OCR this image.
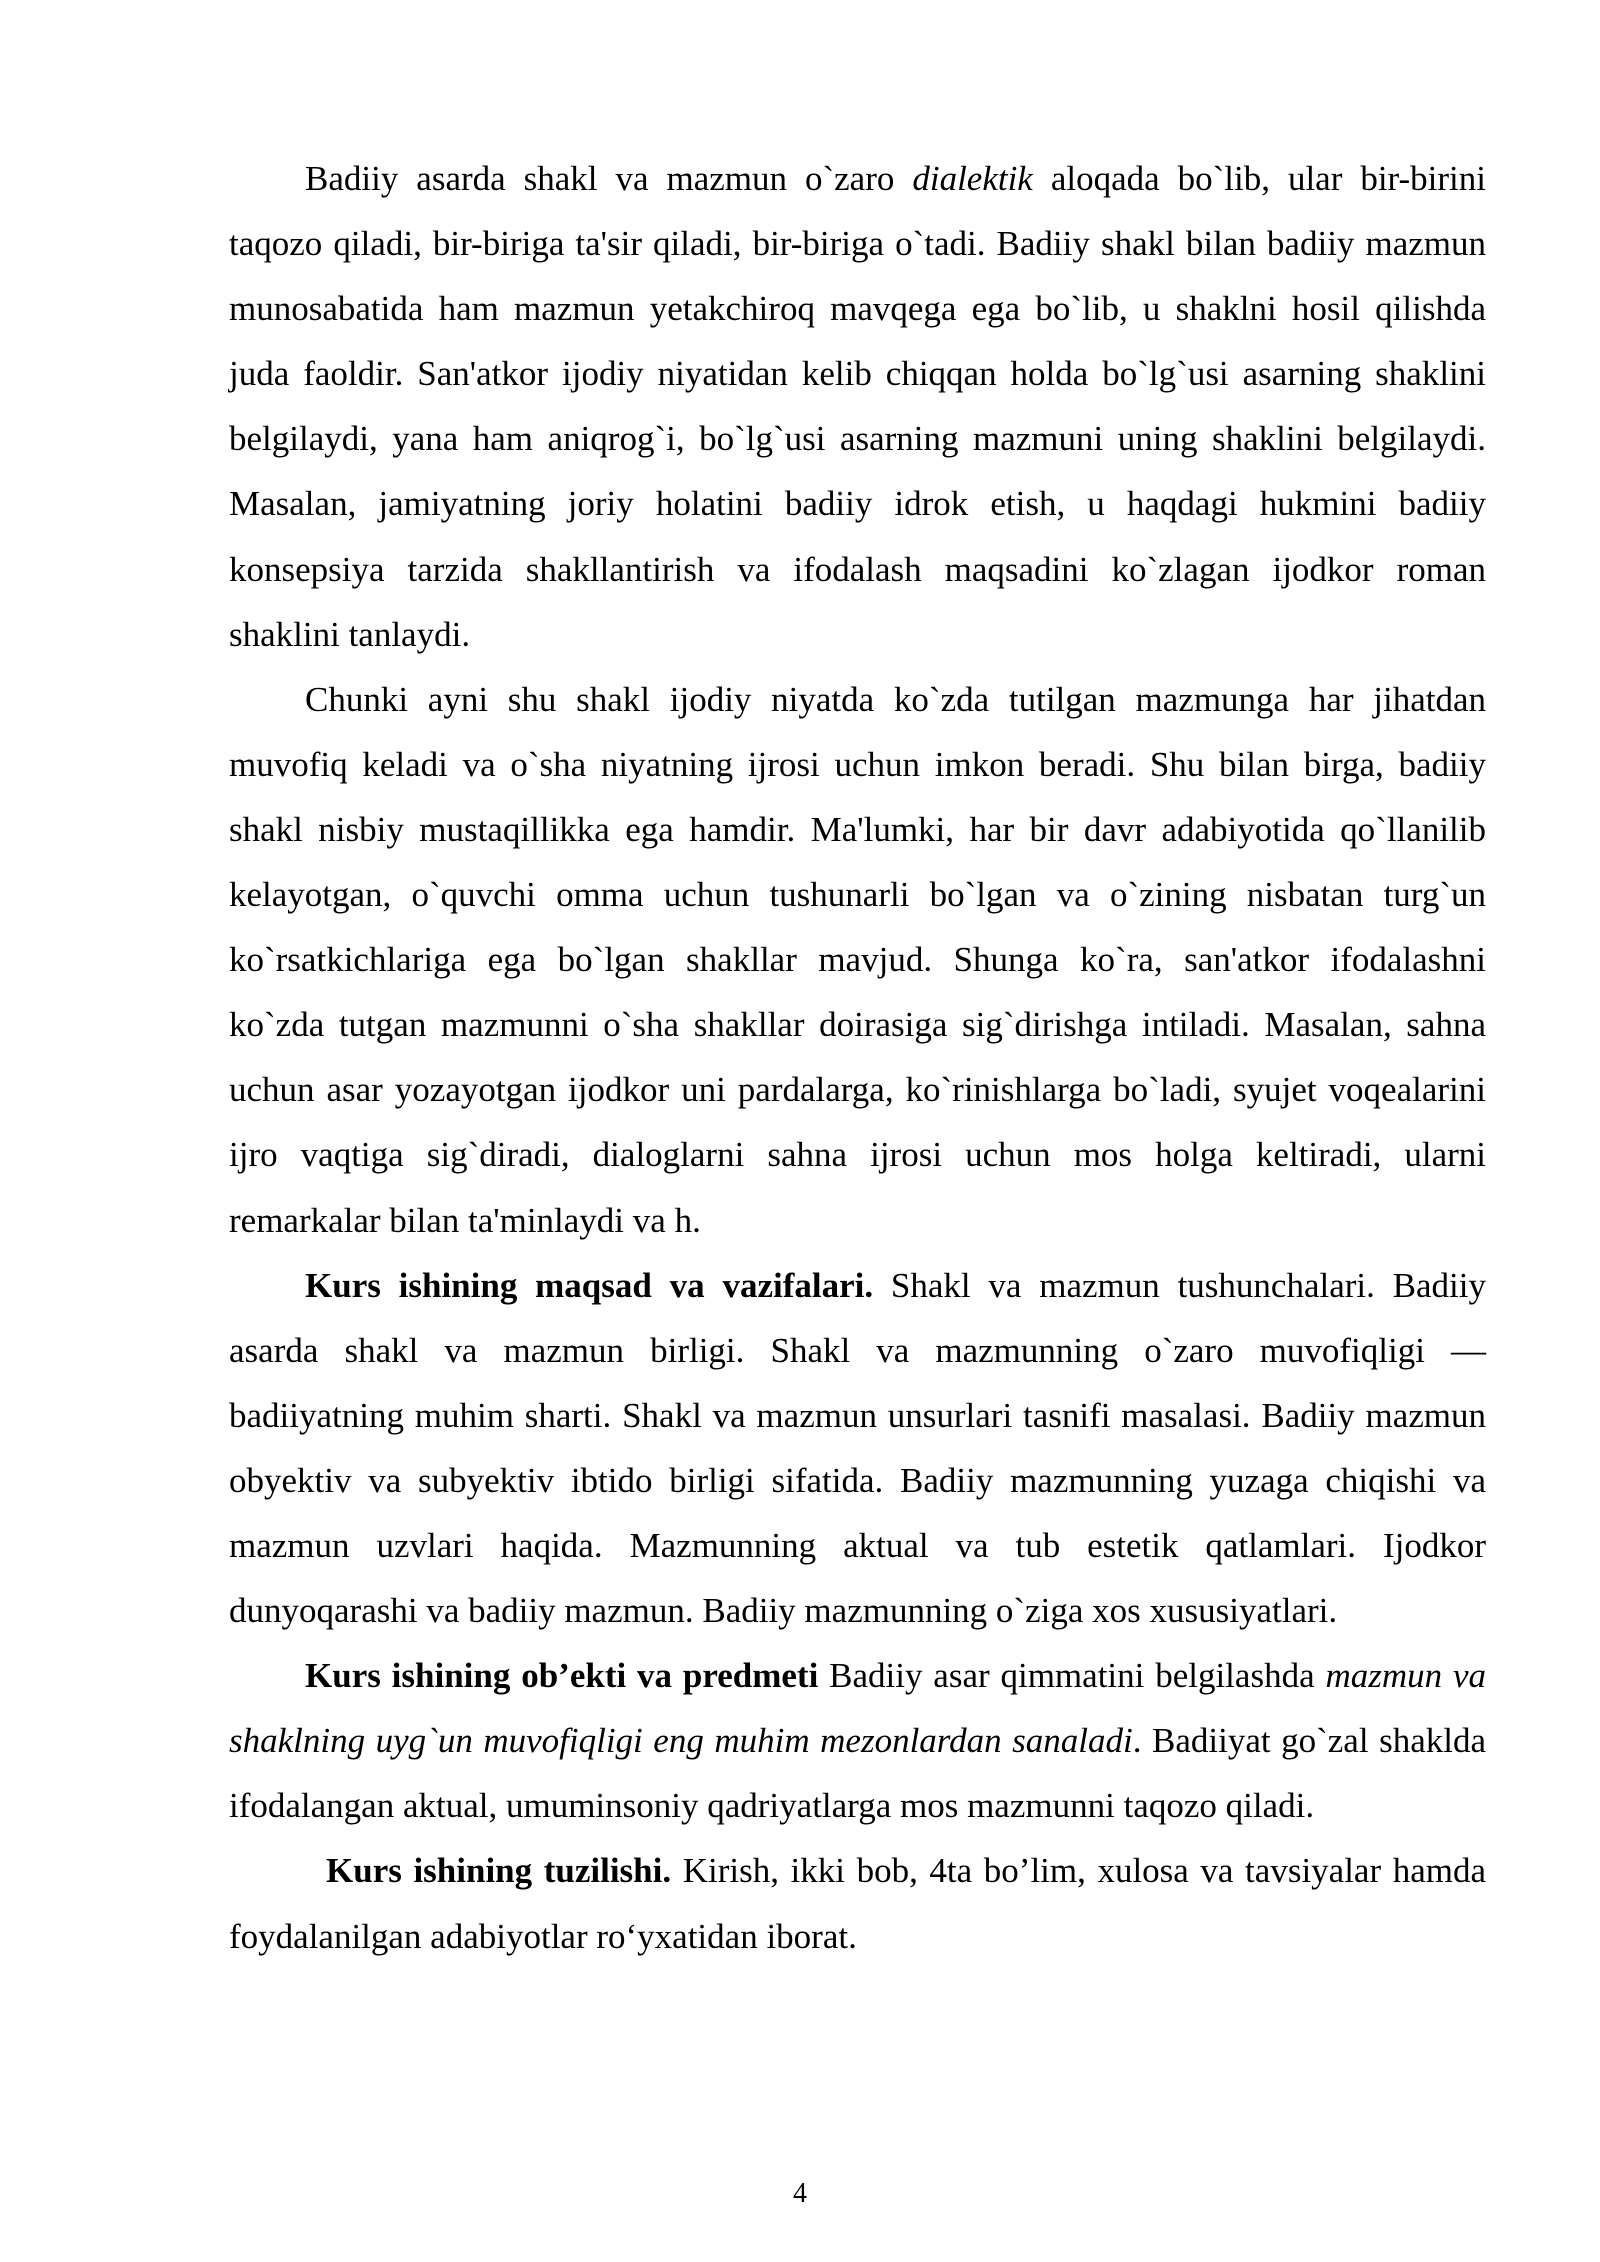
Badiiy asarda shakl va mazmun o`zaro dialektik aloqada bo`lib, ular bir-birini taqozo qiladi, bir-biriga ta'sir qiladi, bir-biriga o`tadi. Badiiy shakl bilan badiiy mazmun munosabatida ham mazmun yetakchiroq mavqega ega bo`lib, u shaklni hosil qilishda juda faoldir. San'atkor ijodiy niyatidan kelib chiqqan holda bo`lg`usi asarning shaklini belgilaydi, yana ham aniqrog`i, bo`lg`usi asarning mazmuni uning shaklini belgilaydi. Masalan, jamiyatning joriy holatini badiiy idrok etish, u haqdagi hukmini badiiy konsepsiya tarzida shakllantirish va ifodalash maqsadini ko`zlagan ijodkor roman shaklini tanlaydi.

Chunki ayni shu shakl ijodiy niyatda ko`zda tutilgan mazmunga har jihatdan muvofiq keladi va o`sha niyatning ijrosi uchun imkon beradi. Shu bilan birga, badiiy shakl nisbiy mustaqillikka ega hamdir. Ma'lumki, har bir davr adabiyotida qo`llanilib kelayotgan, o`quvchi omma uchun tushunarli bo`lgan va o`zining nisbatan turg`un ko`rsatkichlariga ega bo`lgan shakllar mavjud. Shunga ko`ra, san'atkor ifodalashni ko`zda tutgan mazmunni o`sha shakllar doirasiga sig`dirishga intiladi. Masalan, sahna uchun asar yozayotgan ijodkor uni pardalarga, ko`rinishlarga bo`ladi, syujet voqealarini ijro vaqtiga sig`diradi, dialoglarni sahna ijrosi uchun mos holga keltiradi, ularni remarkalar bilan ta'minlaydi va h.

Kurs ishining maqsad va vazifalari. Shakl va mazmun tushunchalari. Badiiy asarda shakl va mazmun birligi. Shakl va mazmunning o`zaro muvofiqligi — badiiyatning muhim sharti. Shakl va mazmun unsurlari tasnifi masalasi. Badiiy mazmun obyektiv va subyektiv ibtido birligi sifatida. Badiiy mazmunning yuzaga chiqishi va mazmun uzvlari haqida. Mazmunning aktual va tub estetik qatlamlari. Ijodkor dunyoqarashi va badiiy mazmun. Badiiy mazmunning o`ziga xos xususiyatlari.

Kurs ishining ob’ekti va predmeti Badiiy asar qimmatini belgilashda mazmun va shaklning uyg`un muvofiqligi eng muhim mezonlardan sanaladi. Badiiyat go`zal shaklda ifodalangan aktual, umuminsoniy qadriyatlarga mos mazmunni taqozo qiladi.

Kurs ishining tuzilishi. Kirish, ikki bob, 4ta bo’lim, xulosa va tavsiyalar hamda foydalanilgan adabiyotlar ro‘yxatidan iborat.

4
